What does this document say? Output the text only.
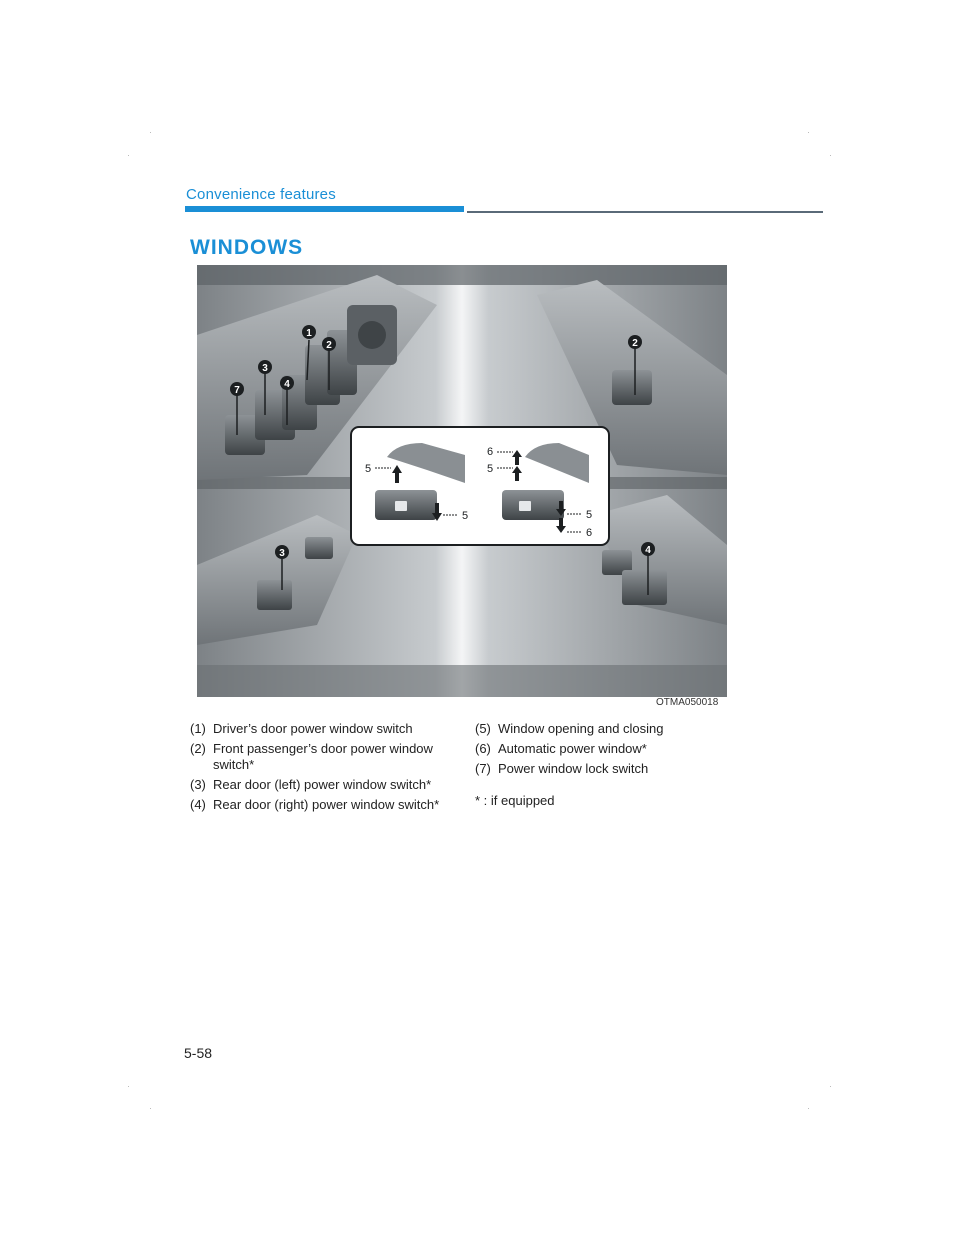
Convenience features
WINDOWS
1
2
3
4
7
2
3	4
5
5
6
5
5
6
OTMA050018
(1) Driver’s door power window switch
(2) Front passenger’s door power window switch*
(3) Rear door (left) power window switch*
(4) Rear door (right) power window switch*
(5) Window opening and closing
(6) Automatic power window*
(7) Power window lock switch
* : if equipped
5-58
